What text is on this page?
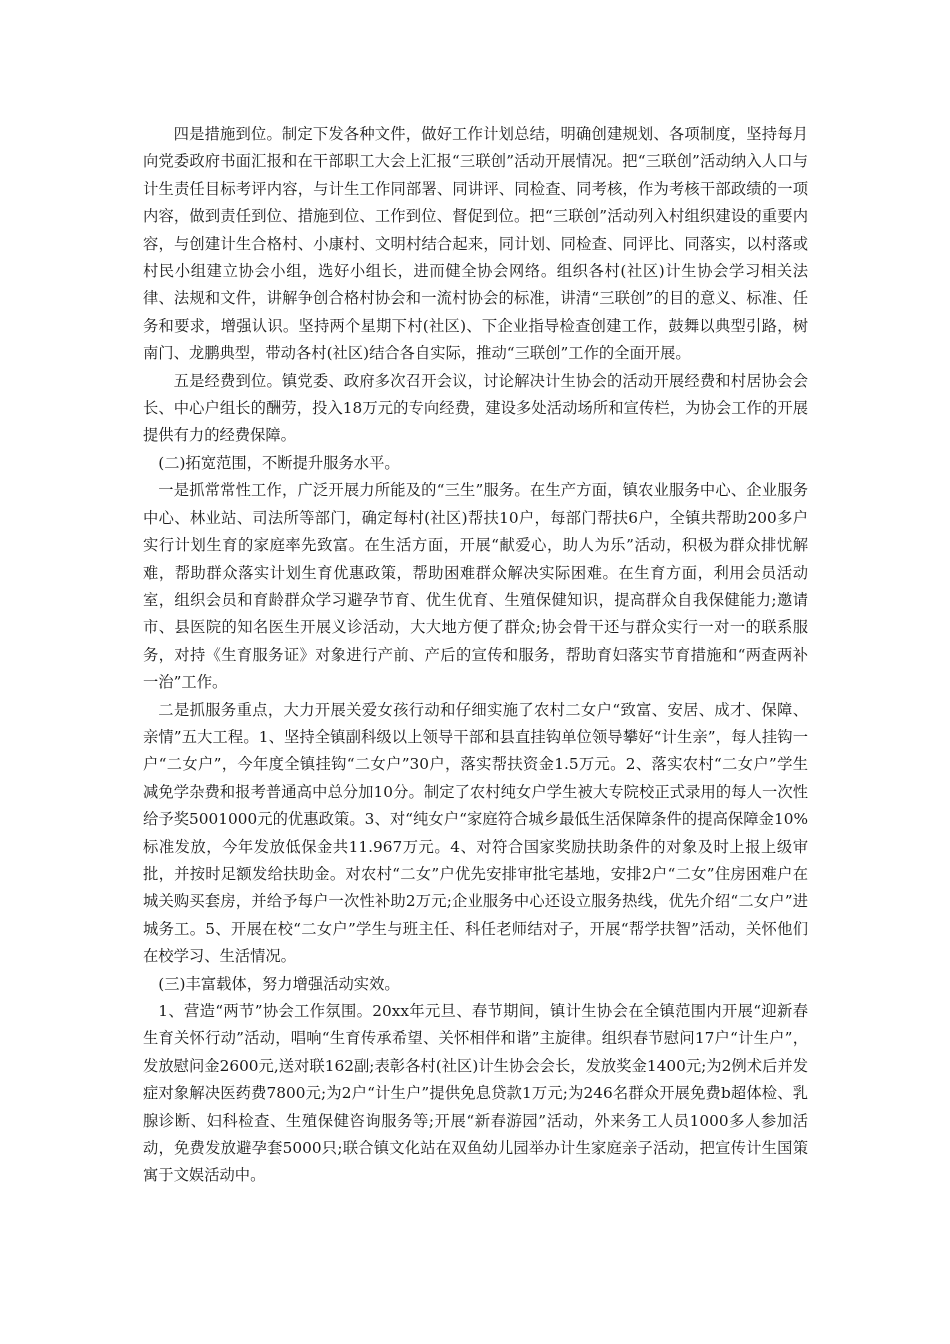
四是措施到位。制定下发各种文件，做好工作计划总结，明确创建规划、各项制度，坚持每月向党委政府书面汇报和在干部职工大会上汇报“三联创”活动开展情况。把“三联创”活动纳入人口与计生责任目标考评内容，与计生工作同部署、同讲评、同检查、同考核，作为考核干部政绩的一项内容，做到责任到位、措施到位、工作到位、督促到位。把“三联创”活动列入村组织建设的重要内容，与创建计生合格村、小康村、文明村结合起来，同计划、同检查、同评比、同落实，以村落或村民小组建立协会小组，选好小组长，进而健全协会网络。组织各村(社区)计生协会学习相关法律、法规和文件，讲解争创合格村协会和一流村协会的标准，讲清“三联创”的目的意义、标准、任务和要求，增强认识。坚持两个星期下村(社区)、下企业指导检查创建工作，鼓舞以典型引路，树南门、龙鹏典型，带动各村(社区)结合各自实际，推动“三联创”工作的全面开展。

五是经费到位。镇党委、政府多次召开会议，讨论解决计生协会的活动开展经费和村居协会会长、中心户组长的酬劳，投入18万元的专向经费，建设多处活动场所和宣传栏，为协会工作的开展提供有力的经费保障。

(二)拓宽范围，不断提升服务水平。

一是抓常常性工作，广泛开展力所能及的“三生”服务。在生产方面，镇农业服务中心、企业服务中心、林业站、司法所等部门，确定每村(社区)帮扶10户，每部门帮扶6户，全镇共帮助200多户实行计划生育的家庭率先致富。在生活方面，开展“献爱心，助人为乐”活动，积极为群众排忧解难，帮助群众落实计划生育优惠政策，帮助困难群众解决实际困难。在生育方面，利用会员活动室，组织会员和育龄群众学习避孕节育、优生优育、生殖保健知识，提高群众自我保健能力;邀请市、县医院的知名医生开展义诊活动，大大地方便了群众;协会骨干还与群众实行一对一的联系服务，对持《生育服务证》对象进行产前、产后的宣传和服务，帮助育妇落实节育措施和“两查两补一治”工作。

二是抓服务重点，大力开展关爱女孩行动和仔细实施了农村二女户“致富、安居、成才、保障、亲情”五大工程。1、坚持全镇副科级以上领导干部和县直挂钩单位领导攀好“计生亲”，每人挂钩一户“二女户”，今年度全镇挂钩“二女户”30户，落实帮扶资金1.5万元。2、落实农村“二女户”学生减免学杂费和报考普通高中总分加10分。制定了农村纯女户学生被大专院校正式录用的每人一次性给予奖5001000元的优惠政策。3、对“纯女户“家庭符合城乡最低生活保障条件的提高保障金10%标准发放，今年发放低保金共11.967万元。4、对符合国家奖励扶助条件的对象及时上报上级审批，并按时足额发给扶助金。对农村“二女”户优先安排审批宅基地，安排2户“二女”住房困难户在城关购买套房，并给予每户一次性补助2万元;企业服务中心还设立服务热线，优先介绍“二女户”进城务工。5、开展在校“二女户”学生与班主任、科任老师结对子，开展“帮学扶智”活动，关怀他们在校学习、生活情况。

(三)丰富载体，努力增强活动实效。

1、营造“两节”协会工作氛围。20xx年元旦、春节期间，镇计生协会在全镇范围内开展“迎新春生育关怀行动”活动，唱响“生育传承希望、关怀相伴和谐”主旋律。组织春节慰问17户“计生户”，发放慰问金2600元,送对联162副;表彰各村(社区)计生协会会长，发放奖金1400元;为2例术后并发症对象解决医药费7800元;为2户“计生户”提供免息贷款1万元;为246名群众开展免费b超体检、乳腺诊断、妇科检查、生殖保健咨询服务等;开展“新春游园”活动，外来务工人员1000多人参加活动，免费发放避孕套5000只;联合镇文化站在双鱼幼儿园举办计生家庭亲子活动，把宣传计生国策寓于文娱活动中。
